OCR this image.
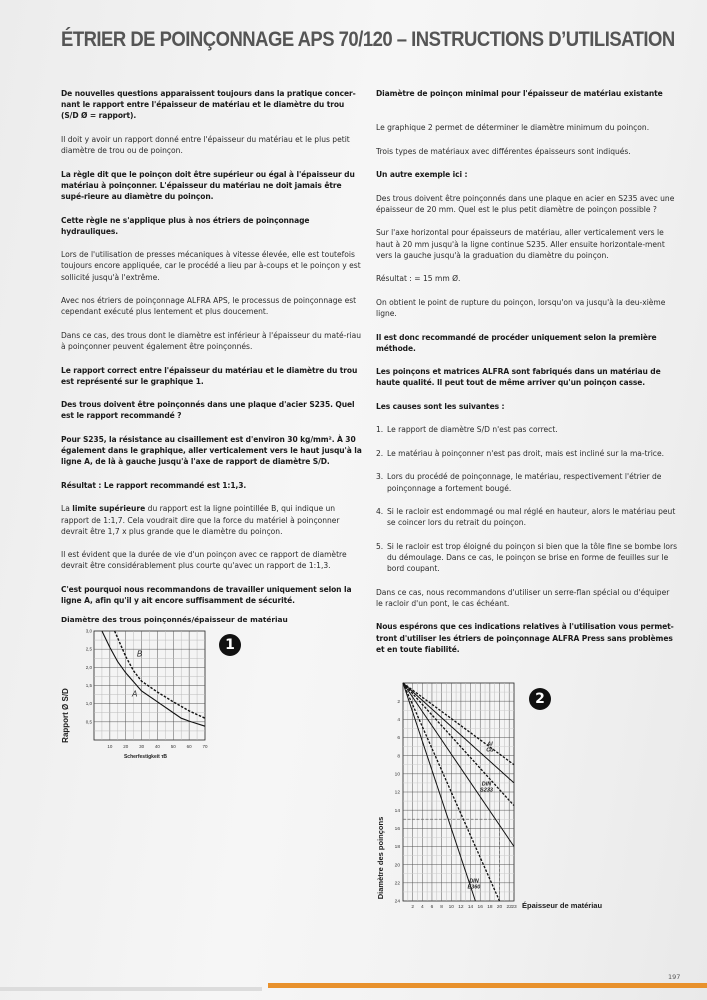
ÉTRIER DE POINÇONNAGE APS 70/120 – INSTRUCTIONS D’UTILISATION

De nouvelles questions apparaissent toujours dans la pratique concer-nant le rapport entre l'épaisseur de matériau et le diamètre du trou (S/D Ø = rapport).

Il doit y avoir un rapport donné entre l'épaisseur du matériau et le plus petit diamètre de trou ou de poinçon.

La règle dit que le poinçon doit être supérieur ou égal à l'épaisseur du matériau à poinçonner. L'épaisseur du matériau ne doit jamais être supé-rieure au diamètre du poinçon.

Cette règle ne s'applique plus à nos étriers de poinçonnage hydrauliques.

Lors de l'utilisation de presses mécaniques à vitesse élevée, elle est toutefois toujours encore appliquée, car le procédé a lieu par à-coups et le poinçon y est sollicité jusqu'à l'extrême.

Avec nos étriers de poinçonnage ALFRA APS, le processus de poinçonnage est cependant exécuté plus lentement et plus doucement.

Dans ce cas, des trous dont le diamètre est inférieur à l'épaisseur du maté-riau à poinçonner peuvent également être poinçonnés.

Le rapport correct entre l'épaisseur du matériau et le diamètre du trou est représenté sur le graphique 1.

Des trous doivent être poinçonnés dans une plaque d'acier S235. Quel est le rapport recommandé ?

Pour S235, la résistance au cisaillement est d'environ 30 kg/mm². À 30 également dans le graphique, aller verticalement vers le haut jusqu'à la ligne A, de là à gauche jusqu'à l'axe de rapport de diamètre S/D.

Résultat : Le rapport recommandé est 1:1,3.

La limite supérieure du rapport est la ligne pointillée B, qui indique un rapport de 1:1,7. Cela voudrait dire que la force du matériel à poinçonner devrait être 1,7 x plus grande que le diamètre du poinçon.

Il est évident que la durée de vie d'un poinçon avec ce rapport de diamètre devrait être considérablement plus courte qu'avec un rapport de 1:1,3.

C'est pourquoi nous recommandons de travailler uniquement selon la ligne A, afin qu'il y ait encore suffisamment de sécurité.

Diamètre de poinçon minimal pour l'épaisseur de matériau existante

Le graphique 2 permet de déterminer le diamètre minimum du poinçon.

Trois types de matériaux avec différentes épaisseurs sont indiqués.

Un autre exemple ici :

Des trous doivent être poinçonnés dans une plaque en acier en S235 avec une épaisseur de 20 mm. Quel est le plus petit diamètre de poinçon possible ?

Sur l'axe horizontal pour épaisseurs de matériau, aller verticalement vers le haut à 20 mm jusqu'à la ligne continue S235. Aller ensuite horizontale-ment vers la gauche jusqu'à la graduation du diamètre du poinçon.

Résultat : = 15 mm Ø.

On obtient le point de rupture du poinçon, lorsqu'on va jusqu'à la deu-xième ligne.

Il est donc recommandé de procéder uniquement selon la première méthode.

Les poinçons et matrices ALFRA sont fabriqués dans un matériau de haute qualité. Il peut tout de même arriver qu'un poinçon casse.

Les causes sont les suivantes :

1. Le rapport de diamètre S/D n'est pas correct.
2. Le matériau à poinçonner n'est pas droit, mais est incliné sur la ma-trice.
3. Lors du procédé de poinçonnage, le matériau, respectivement l'étrier de poinçonnage a fortement bougé.
4. Si le racloir est endommagé ou mal réglé en hauteur, alors le matériau peut se coincer lors du retrait du poinçon.
5. Si le racloir est trop éloigné du poinçon si bien que la tôle fine se bombe lors du démoulage. Dans ce cas, le poinçon se brise en forme de feuilles sur le bord coupant.

Dans ce cas, nous recommandons d'utiliser un serre-flan spécial ou d'équiper le racloir d'un pont, le cas échéant.

Nous espérons que ces indications relatives à l'utilisation vous permet-tront d'utiliser les étriers de poinçonnage ALFRA Press sans problèmes et en toute fiabilité.

Diamètre des trous poinçonnés/épaisseur de matériau
1
2
10 20 30 40 50 60 70
0,5
1,0
1,5
2,0
2,5
3,0
A
B
Scherfestigkeit τB
Rapport Ø S/D
2 4 6 8 10 12 14 16 18 20 22 23
2
4
6
8
10
12
14
16
18
20
22
24
Al
Cu
DIN
S233
DIN
E360
Épaisseur de matériau
Diamètre des poinçons
197
